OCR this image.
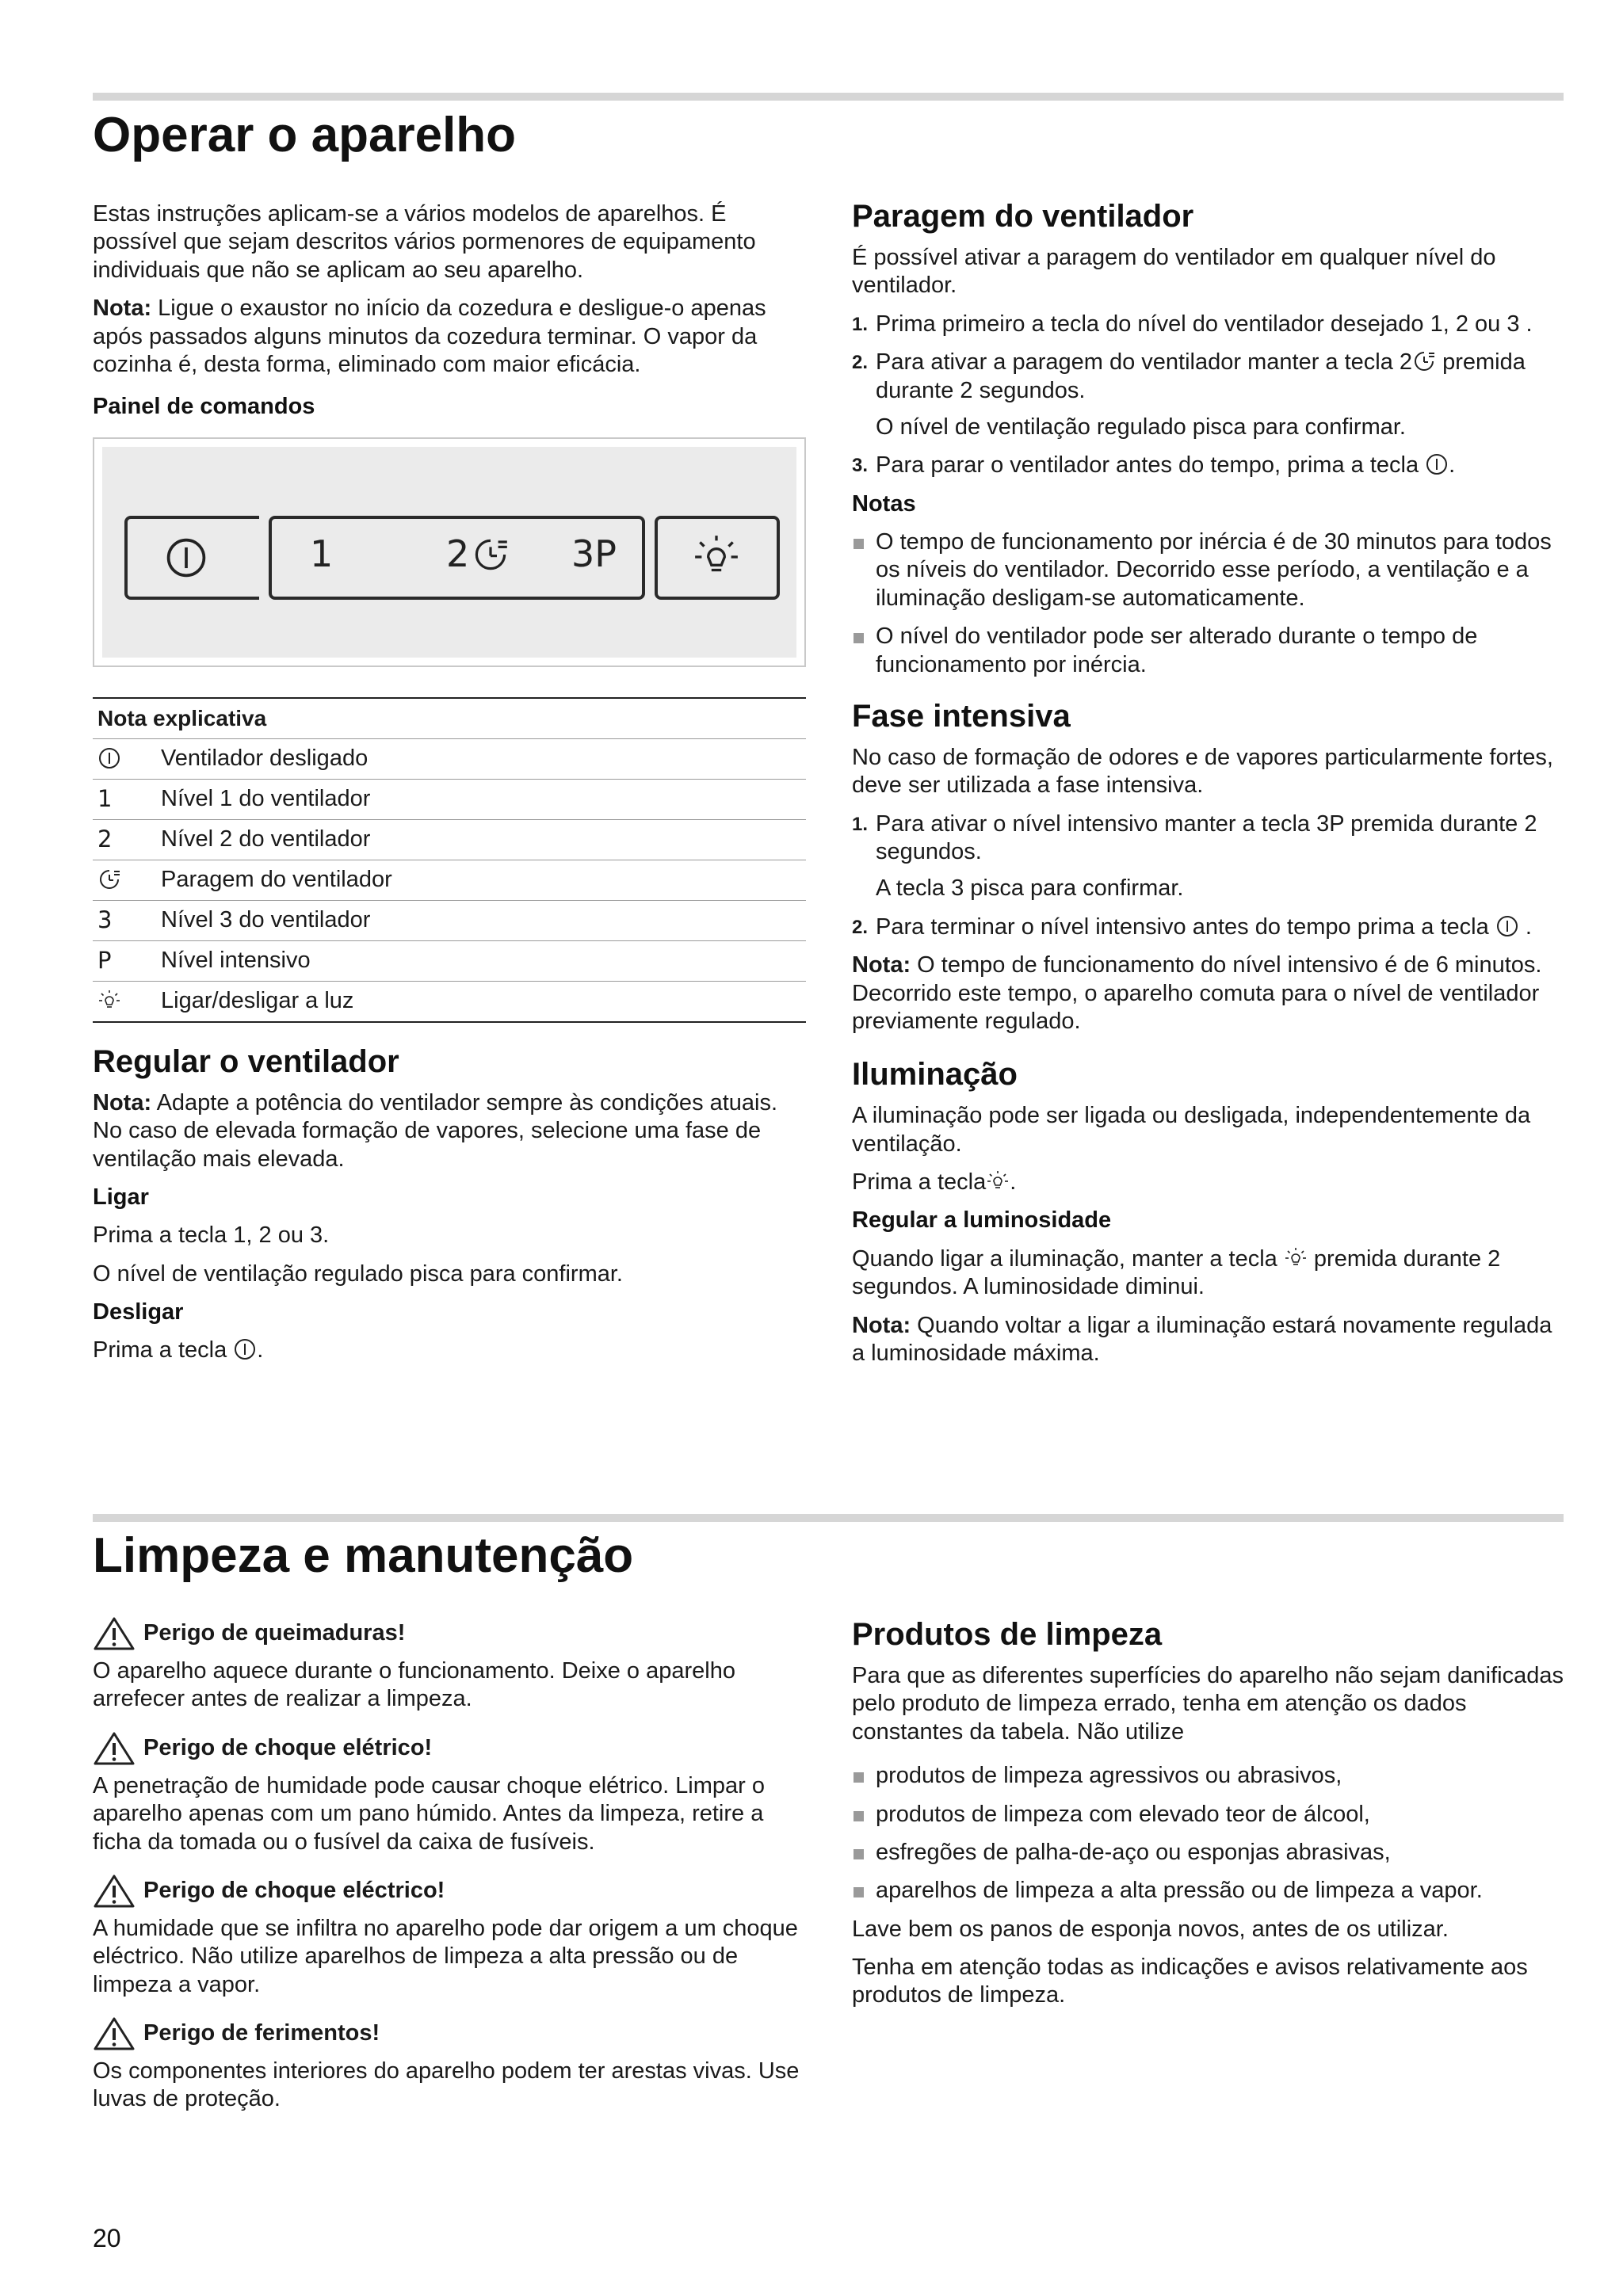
Operar o aparelho

Estas instruções aplicam-se a vários modelos de aparelhos. É possível que sejam descritos vários pormenores de equipamento individuais que não se aplicam ao seu aparelho.

Nota: Ligue o exaustor no início da cozedura e desligue-o apenas após passados alguns minutos da cozedura terminar. O vapor da cozinha é, desta forma, eliminado com maior eficácia.

Painel de comandos
1	2	3P
Nota explicativa	
	Ventilador desligado
1	Nível 1 do ventilador
2	Nível 2 do ventilador
	Paragem do ventilador
3	Nível 3 do ventilador
P	Nível intensivo
	Ligar/desligar a luz
Regular o ventilador

Nota: Adapte a potência do ventilador sempre às condições atuais. No caso de elevada formação de vapores, selecione uma fase de ventilação mais elevada.

Ligar

Prima a tecla 1, 2 ou 3.

O nível de ventilação regulado pisca para confirmar.

Desligar

Prima a tecla .

Paragem do ventilador

É possível ativar a paragem do ventilador em qualquer nível do ventilador.

1. Prima primeiro a tecla do nível do ventilador desejado 1, 2 ou 3 .
2. Para ativar a paragem do ventilador manter a tecla 2 premida durante 2 segundos.
O nível de ventilação regulado pisca para confirmar.
3. Para parar o ventilador antes do tempo, prima a tecla .
Notas
O tempo de funcionamento por inércia é de 30 minutos para todos os níveis do ventilador. Decorrido esse período, a ventilação e a iluminação desligam-se automaticamente.
O nível do ventilador pode ser alterado durante o tempo de funcionamento por inércia.
Fase intensiva

No caso de formação de odores e de vapores particularmente fortes, deve ser utilizada a fase intensiva.

1. Para ativar o nível intensivo manter a tecla 3P premida durante 2 segundos.
A tecla 3 pisca para confirmar.
2. Para terminar o nível intensivo antes do tempo prima a tecla  .

Nota: O tempo de funcionamento do nível intensivo é de 6 minutos. Decorrido este tempo, o aparelho comuta para o nível de ventilador previamente regulado.

Iluminação

A iluminação pode ser ligada ou desligada, independentemente da ventilação.

Prima a tecla .

Regular a luminosidade

Quando ligar a iluminação, manter a tecla  premida durante 2 segundos. A luminosidade diminui.

Nota: Quando voltar a ligar a iluminação estará novamente regulada a luminosidade máxima.

Limpeza e manutenção
Perigo de queimaduras!

O aparelho aquece durante o funcionamento. Deixe o aparelho arrefecer antes de realizar a limpeza.

Perigo de choque elétrico!

A penetração de humidade pode causar choque elétrico. Limpar o aparelho apenas com um pano húmido. Antes da limpeza, retire a ficha da tomada ou o fusível da caixa de fusíveis.

Perigo de choque eléctrico!

A humidade que se infiltra no aparelho pode dar origem a um choque eléctrico. Não utilize aparelhos de limpeza a alta pressão ou de limpeza a vapor.

Perigo de ferimentos!

Os componentes interiores do aparelho podem ter arestas vivas. Use luvas de proteção.

Produtos de limpeza

Para que as diferentes superfícies do aparelho não sejam danificadas pelo produto de limpeza errado, tenha em atenção os dados constantes da tabela. Não utilize

produtos de limpeza agressivos ou abrasivos,
produtos de limpeza com elevado teor de álcool,
esfregões de palha-de-aço ou esponjas abrasivas,
aparelhos de limpeza a alta pressão ou de limpeza a vapor.

Lave bem os panos de esponja novos, antes de os utilizar.

Tenha em atenção todas as indicações e avisos relativamente aos produtos de limpeza.

20
